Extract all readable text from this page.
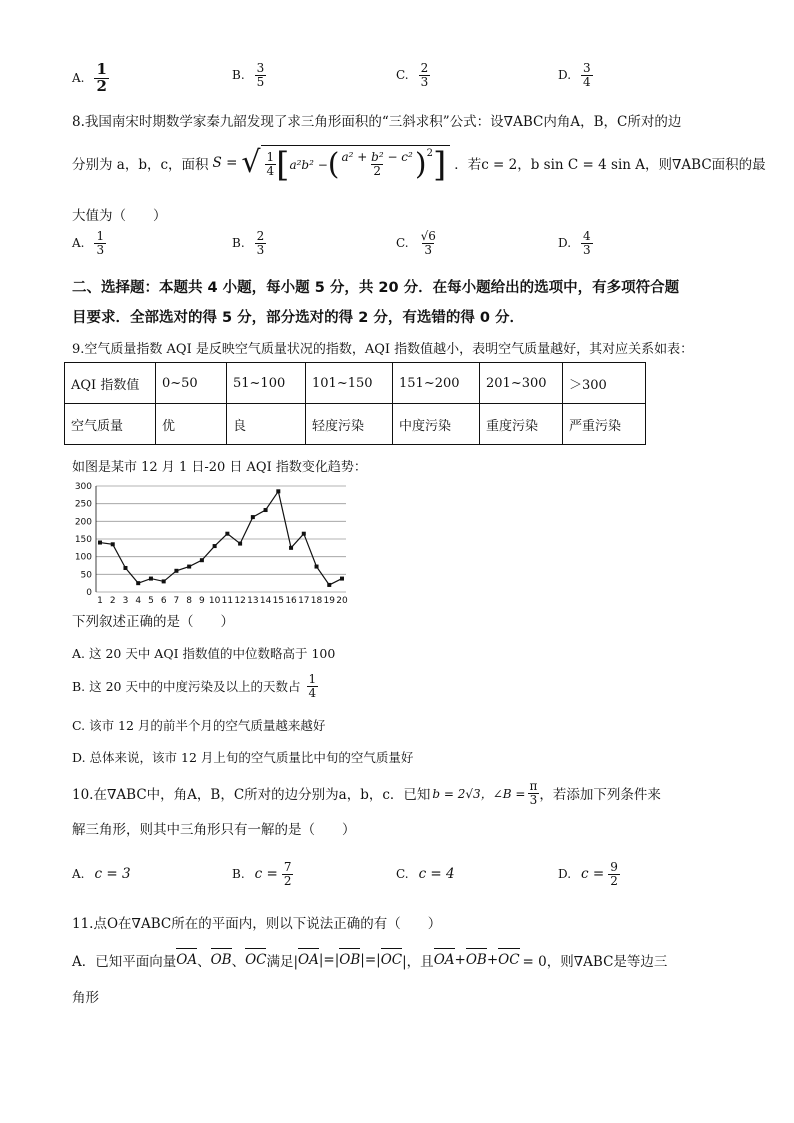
A. $\frac{1}{2}$	B. $\frac{3}{5}$	C. $\frac{2}{3}$	D. $\frac{3}{4}$
8.我国南宋时期数学家秦九韶发现了求三角形面积的“三斜求积”公式：设∇ABC内角A，B，C所对的边
分别为 a，b，c，面积 S = √ $\frac{1}{4}$ [ a²b² − ( $\frac{\text{a² + b² − c²}}{2}$ ) 2 ] ．若c = 2，b sin C = 4 sin A，则∇ABC面积的最
大值为（　　）
A. $\frac{1}{3}$	B. $\frac{2}{3}$	C. $\frac{√6}{3}$	D. $\frac{4}{3}$
二、选择题：本题共 4 小题，每小题 5 分，共 20 分．在每小题给出的选项中，有多项符合题
目要求．全部选对的得 5 分，部分选对的得 2 分，有选错的得 0 分．
9.空气质量指数 AQI 是反映空气质量状况的指数，AQI 指数值越小，表明空气质量越好，其对应关系如表：
AQI 指数值	0~50	51~100	101~150	151~200	201~300	＞300
空气质量	优	良	轻度污染	中度污染	重度污染	严重污染
如图是某市 12 月 1 日-20 日 AQI 指数变化趋势：
0
50
100
150
200
250
300
1 2 3 4 5 6 7 8 9 10 11 12 13 14 15 16 17 18 19 20
下列叙述正确的是（　　）
A. 这 20 天中 AQI 指数值的中位数略高于 100
B. 这 20 天中的中度污染及以上的天数占 $\frac{1}{4}$
C. 该市 12 月的前半个月的空气质量越来越好
D. 总体来说，该市 12 月上旬的空气质量比中旬的空气质量好
10.在∇ABC中，角A，B，C所对的边分别为a，b，c．已知 b = 2√3，∠B = $\frac{\pi}{3}$ ，若添加下列条件来
解三角形，则其中三角形只有一解的是（　　）
A. c = 3	B. $c = \frac{7}{2}$	C. c = 4	D. $c = \frac{9}{2}$
11.点O在∇ABC所在的平面内，则以下说法正确的有（　　）
A．已知平面向量 OA 、 OB 、 OC 满足| OA |=| OB |=| OC |，且 OA + OB + OC = 0，则∇ABC是等边三
角形
